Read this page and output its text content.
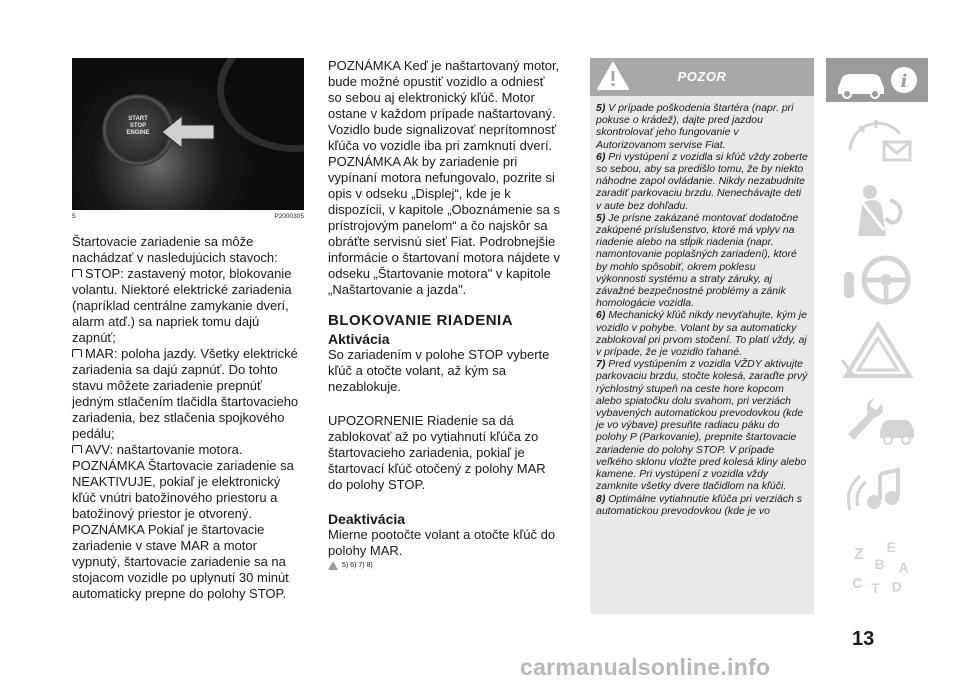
START
STOP
ENGINE
5	P2000305

Štartovacie zariadenie sa môže nachádzať v nasledujúcich stavoch:

STOP: zastavený motor, blokovanie volantu. Niektoré elektrické zariadenia (napríklad centrálne zamykanie dverí, alarm atď.) sa napriek tomu dajú zapnúť;

MAR: poloha jazdy. Všetky elektrické zariadenia sa dajú zapnúť. Do tohto stavu môžete zariadenie prepnúť jedným stlačením tlačidla štartovacieho zariadenia, bez stlačenia spojkového pedálu;

AVV: naštartovanie motora.

POZNÁMKA Štartovacie zariadenie sa NEAKTIVUJE, pokiaľ je elektronický kľúč vnútri batožinového priestoru a batožinový priestor je otvorený.

POZNÁMKA Pokiaľ je štartovacie zariadenie v stave MAR a motor vypnutý, štartovacie zariadenie sa na stojacom vozidle po uplynutí 30 minút automaticky prepne do polohy STOP.

POZNÁMKA Keď je naštartovaný motor, bude možné opustiť vozidlo a odniesť so sebou aj elektronický kľúč. Motor ostane v každom prípade naštartovaný. Vozidlo bude signalizovať neprítomnosť kľúča vo vozidle iba pri zamknutí dverí.

POZNÁMKA Ak by zariadenie pri vypínaní motora nefungovalo, pozrite si opis v odseku „Displej“, kde je k dispozícii, v kapitole „Oboznámenie sa s prístrojovým panelom“ a čo najskôr sa obráťte servisnú sieť Fiat. Podrobnejšie informácie o štartovaní motora nájdete v odseku „Štartovanie motora" v kapitole „Naštartovanie a jazda".

BLOKOVANIE RIADENIA
Aktivácia

So zariadením v polohe STOP vyberte kľúč a otočte volant, až kým sa nezablokuje.

UPOZORNENIE Riadenie sa dá zablokovať až po vytiahnutí kľúča zo štartovacieho zariadenia, pokiaľ je štartovací kľúč otočený z polohy MAR do polohy STOP.

Deaktivácia

Mierne pootočte volant a otočte kľúč do polohy MAR.

5) 6) 7) 8)
POZOR
5) V prípade poškodenia štartéra (napr. pri pokuse o krádež), dajte pred jazdou skontrolovať jeho fungovanie v Autorizovanom servise Fiat.
6) Pri vystúpení z vozidla si kľúč vždy zoberte so sebou, aby sa predišlo tomu, že by niekto náhodne zapol ovládanie. Nikdy nezabudnite zaradiť parkovaciu brzdu. Nenechávajte deti v aute bez dohľadu.
5) Je prísne zakázané montovať dodatočne zakúpené príslušenstvo, ktoré má vplyv na riadenie alebo na stĺpik riadenia (napr. namontovanie poplašných zariadení), ktoré by mohlo spôsobiť, okrem poklesu výkonnosti systému a straty záruky, aj závažné bezpečnostné problémy a zánik homologácie vozidla.
6) Mechanický kľúč nikdy nevyťahujte, kým je vozidlo v pohybe. Volant by sa automaticky zablokoval pri prvom stočení. To platí vždy, aj v prípade, že je vozidlo ťahané.
7) Pred vystúpením z vozidla VŽDY aktivujte parkovaciu brzdu, stočte kolesá, zaraďte prvý rýchlostný stupeň na ceste hore kopcom alebo spiatočku dolu svahom, pri verziách vybavených automatickou prevodovkou (kde je vo výbave) presuňte radiacu páku do polohy P (Parkovanie), prepnite štartovacie zariadenie do polohy STOP. V prípade veľkého sklonu vložte pred kolesá kliny alebo kamene. Pri vystúpení z vozidla vždy zamknite všetky dvere tlačidlom na kľúči.
8) Optimálne vytiahnutie kľúča pri verziách s automatickou prevodovkou (kde je vo
i
Z E
B A
C T D
13
carmanualsonline.info
